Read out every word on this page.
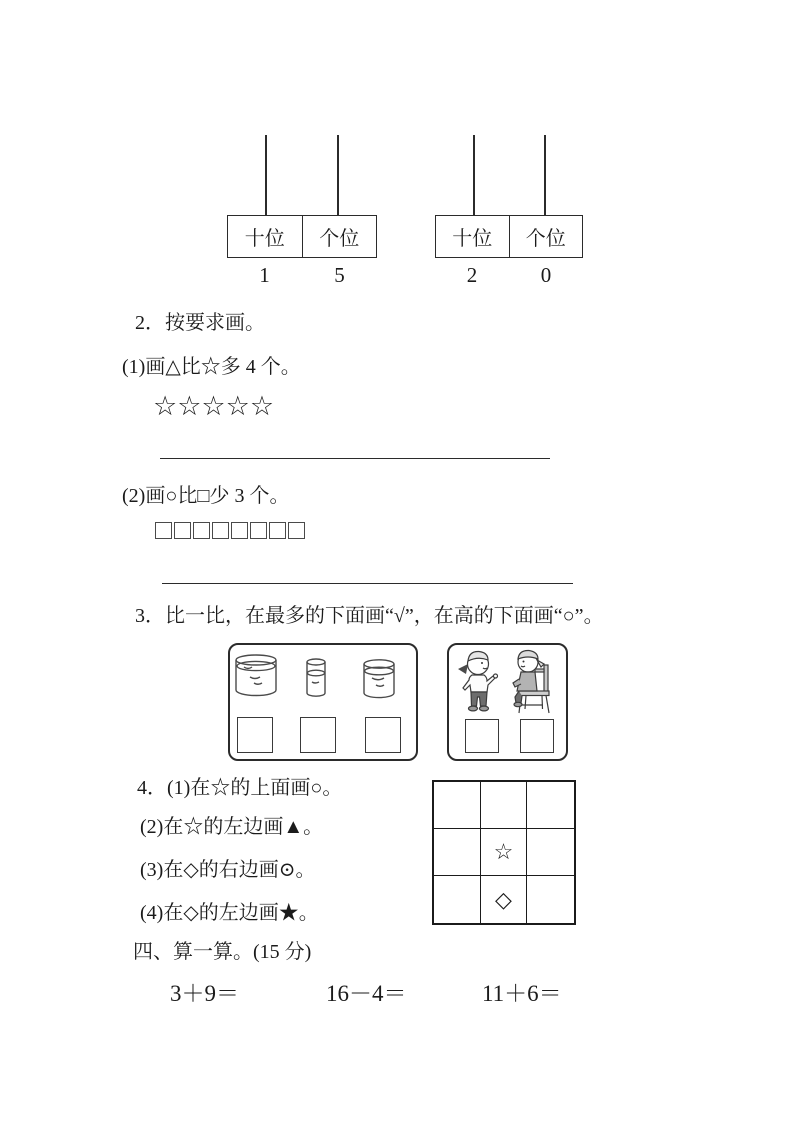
十位	个位
1	5
十位	个位
2	0
2．按要求画。
(1)画△比☆多 4 个。
☆☆☆☆☆
(2)画○比□少 3 个。
3．比一比，在最多的下面画“√”，在高的下面画“○”。
4．(1)在☆的上面画○。
(2)在☆的左边画▲。
(3)在◇的右边画⊙。
(4)在◇的左边画★。
☆
◇
四、算一算。(15 分)
3＋9＝	16－4＝	11＋6＝
